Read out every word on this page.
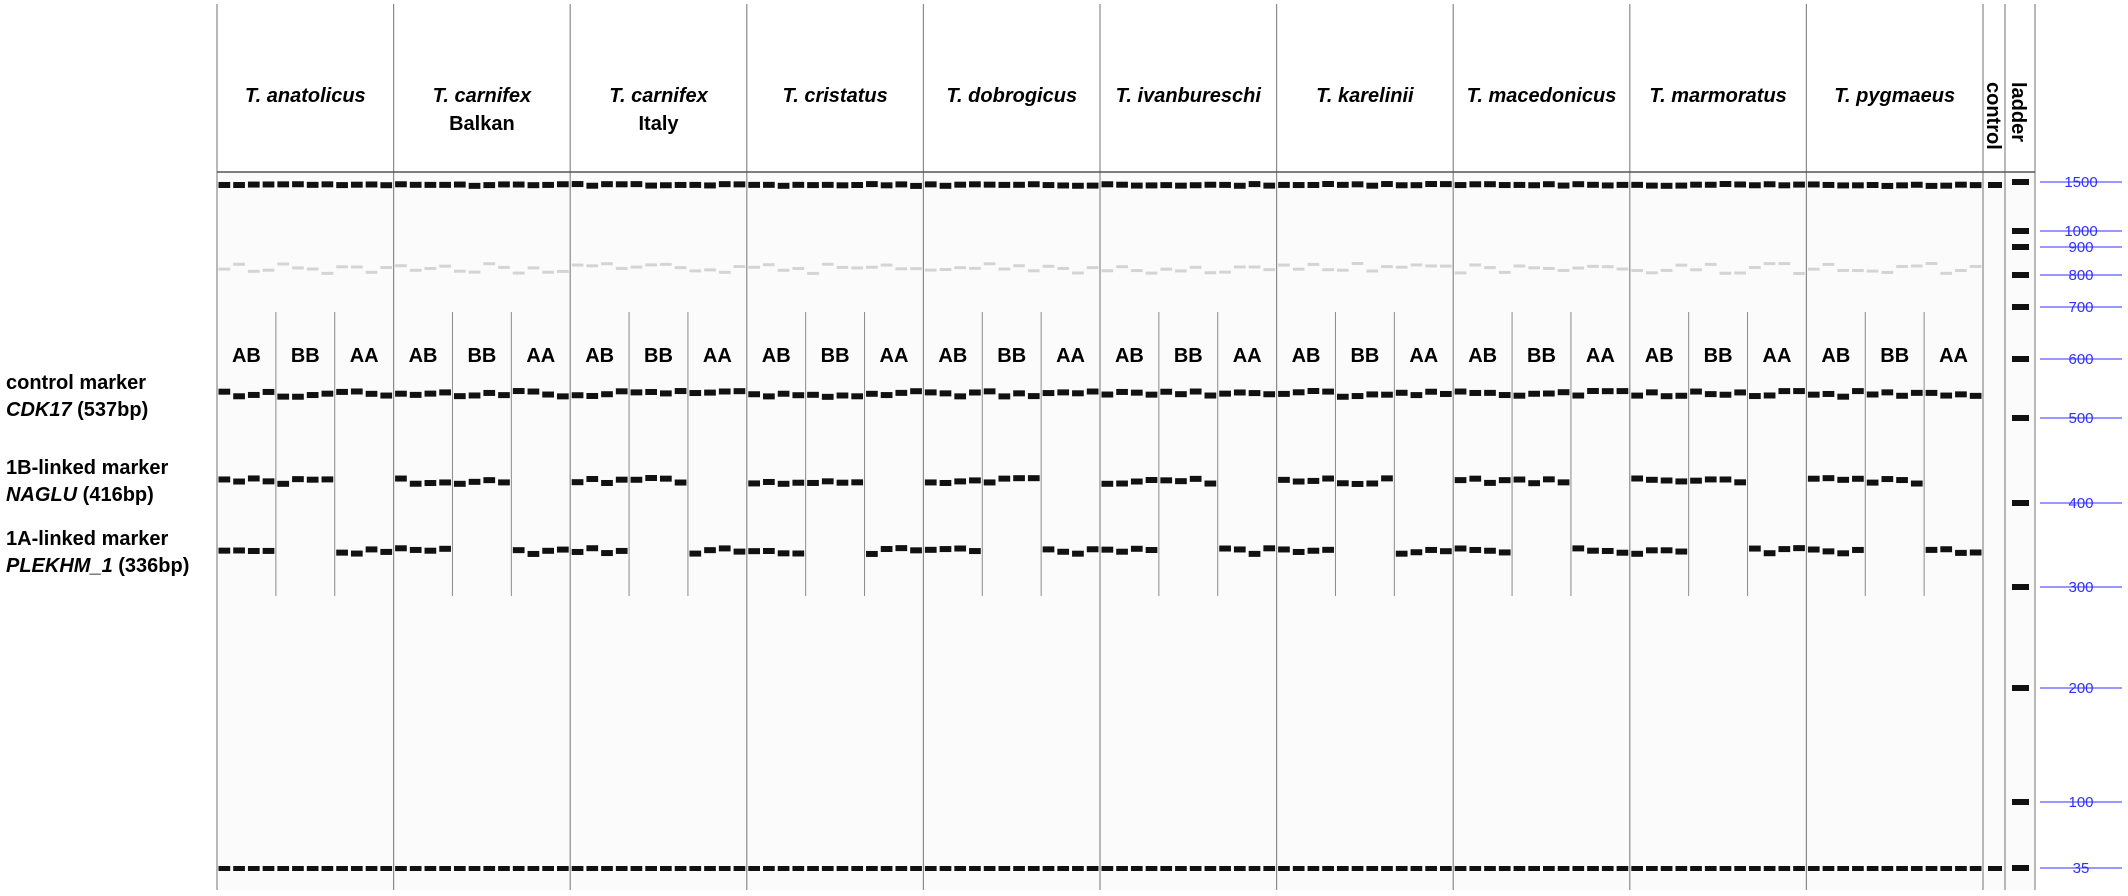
AB BB AA
T. anatolicus
AB BB AA
T. carnifex
Balkan
AB BB AA
T. carnifex
Italy
AB BB AA
T. cristatus
AB BB AA
T. dobrogicus
AB BB AA
T. ivanbureschi
AB BB AA
T. karelinii
AB BB AA
T. macedonicus
AB BB AA
T. marmoratus
AB BB AA
T. pygmaeus control ladder
1500
1000
900
800
700
600
500
400
300
200
100
35
control marker
CDK17 (537bp)
1B-linked marker
NAGLU (416bp)
1A-linked marker
PLEKHM_1 (336bp)
